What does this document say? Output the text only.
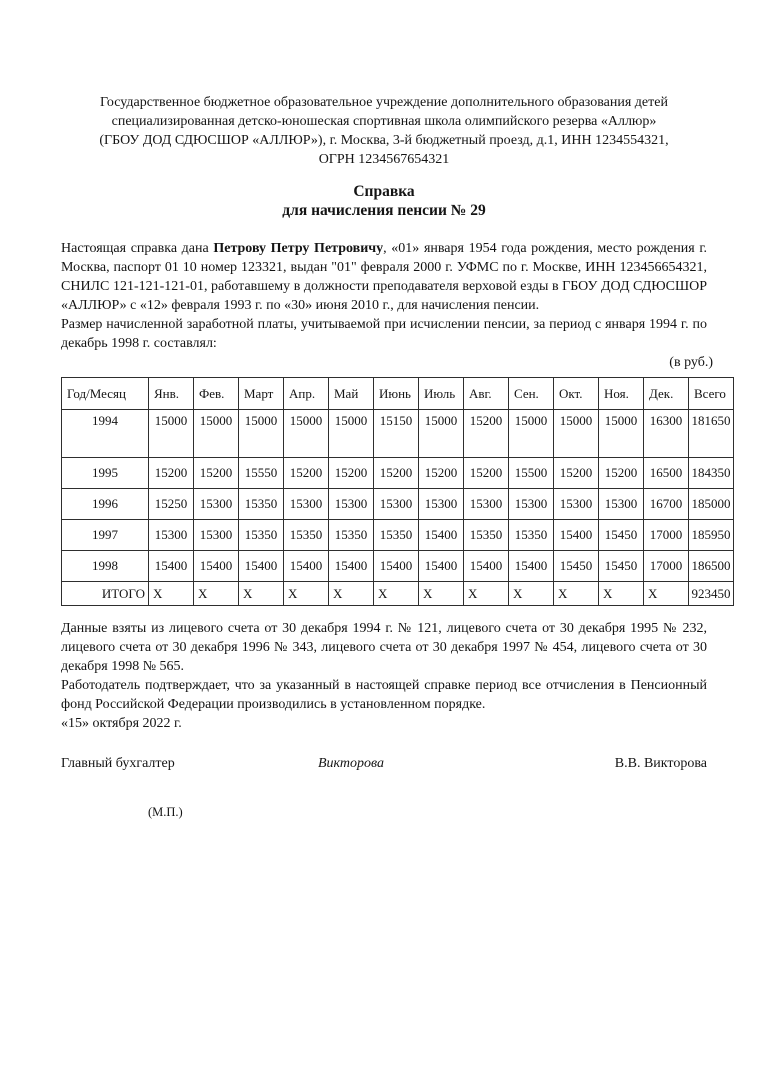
Государственное бюджетное образовательное учреждение дополнительного образования детей
специализированная детско-юношеская спортивная школа олимпийского резерва «Аллюр»
(ГБОУ ДОД СДЮСШОР «АЛЛЮР»), г. Москва, 3-й бюджетный проезд, д.1, ИНН 1234554321,
ОГРН 1234567654321
Справка
для начисления пенсии № 29

Настоящая справка дана Петрову Петру Петровичу, «01» января 1954 года рождения, место рождения г. Москва, паспорт 01 10 номер 123321, выдан "01" февраля 2000 г. УФМС по г. Москве, ИНН 123456654321, СНИЛС 121-121-121-01, работавшему в должности преподавателя верховой езды в ГБОУ ДОД СДЮСШОР «АЛЛЮР» с «12» февраля 1993 г. по «30» июня 2010 г., для начисления пенсии.

Размер начисленной заработной платы, учитываемой при исчислении пенсии, за период с января 1994 г. по декабрь 1998 г. составлял:

(в руб.)
Год/Месяц	Янв.	Фев.	Март	Апр.	Май	Июнь	Июль	Авг.	Сен.	Окт.	Ноя.	Дек.	Всего
1994	15000	15000	15000	15000	15000	15150	15000	15200	15000	15000	15000	16300	181650
1995	15200	15200	15550	15200	15200	15200	15200	15200	15500	15200	15200	16500	184350
1996	15250	15300	15350	15300	15300	15300	15300	15300	15300	15300	15300	16700	185000
1997	15300	15300	15350	15350	15350	15350	15400	15350	15350	15400	15450	17000	185950
1998	15400	15400	15400	15400	15400	15400	15400	15400	15400	15450	15450	17000	186500
ИТОГО	X	X	X	X	X	X	X	X	X	X	X	X	923450

Данные взяты из лицевого счета от 30 декабря 1994 г. № 121, лицевого счета от 30 декабря 1995 № 232, лицевого счета от 30 декабря 1996 № 343, лицевого счета от 30 декабря 1997 № 454, лицевого счета от 30 декабря 1998 № 565.

Работодатель подтверждает, что за указанный в настоящей справке период все отчисления в Пенсионный фонд Российской Федерации производились в установленном порядке.

«15» октября 2022 г.
Главный бухгалтер	Викторова	В.В. Викторова
(М.П.)
